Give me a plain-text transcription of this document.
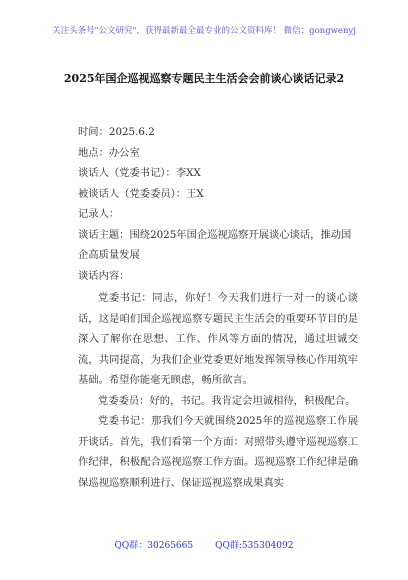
关注头条号"公文研究"，获得最新最全最专业的公文资料库！ 微信：gongwenyj
2025年国企巡视巡察专题民主生活会会前谈心谈话记录2
时间：2025.6.2
地点：办公室
谈话人（党委书记）：李XX
被谈话人（党委委员）：王X
记录人：
谈话主题：围绕2025年国企巡视巡察开展谈心谈话，推动国企高质量发展
谈话内容：

党委书记：同志，你好！今天我们进行一对一的谈心谈话，这是咱们国企巡视巡察专题民主生活会的重要环节目的是深入了解你在思想、工作、作风等方面的情况，通过坦诚交流，共同提高，为我们企业党委更好地发挥领导核心作用筑牢基础。希望你能毫无顾虑，畅所欲言。

党委委员：好的，书记。我肯定会坦诚相待，积极配合。

党委书记：那我们今天就围绕2025年的巡视巡察工作展开谈话。首先，我们看第一个方面：对照带头遵守巡视巡察工作纪律，积极配合巡视巡察工作方面。巡视巡察工作纪律是确保巡视巡察顺利进行、保证巡视巡察成果真实

QQ群：30265665 QQ群:535304092
